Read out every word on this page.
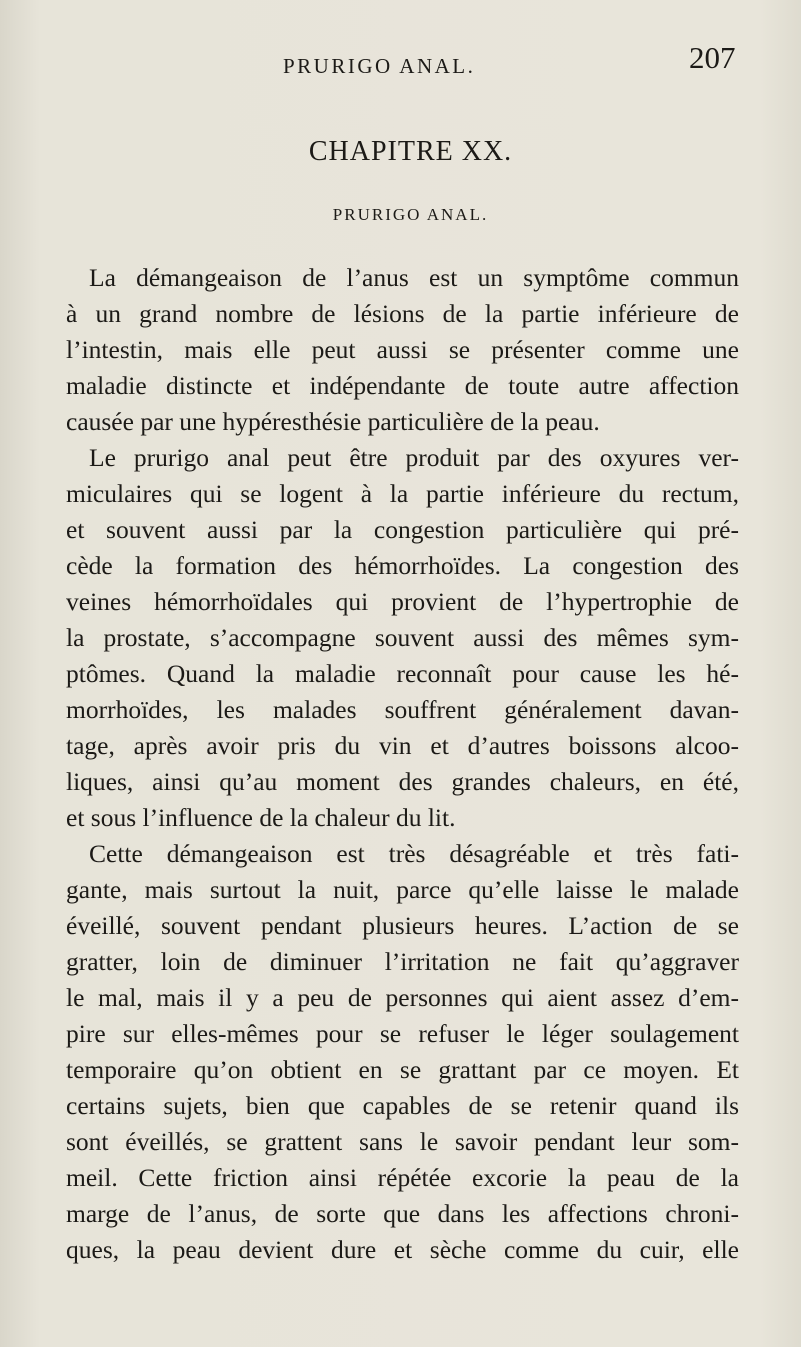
PRURIGO ANAL.	207
CHAPITRE XX.
PRURIGO ANAL.
La démangeaison de l’anus est un symptôme commun
à un grand nombre de lésions de la partie inférieure de
l’intestin, mais elle peut aussi se présenter comme une
maladie distincte et indépendante de toute autre affection
causée par une hypéresthésie particulière de la peau.
Le prurigo anal peut être produit par des oxyures ver-
miculaires qui se logent à la partie inférieure du rectum,
et souvent aussi par la congestion particulière qui pré-
cède la formation des hémorrhoïdes. La congestion des
veines hémorrhoïdales qui provient de l’hypertrophie de
la prostate, s’accompagne souvent aussi des mêmes sym-
ptômes. Quand la maladie reconnaît pour cause les hé-
morrhoïdes, les malades souffrent généralement davan-
tage, après avoir pris du vin et d’autres boissons alcoo-
liques, ainsi qu’au moment des grandes chaleurs, en été,
et sous l’influence de la chaleur du lit.
Cette démangeaison est très désagréable et très fati-
gante, mais surtout la nuit, parce qu’elle laisse le malade
éveillé, souvent pendant plusieurs heures. L’action de se
gratter, loin de diminuer l’irritation ne fait qu’aggraver
le mal, mais il y a peu de personnes qui aient assez d’em-
pire sur elles-mêmes pour se refuser le léger soulagement
temporaire qu’on obtient en se grattant par ce moyen. Et
certains sujets, bien que capables de se retenir quand ils
sont éveillés, se grattent sans le savoir pendant leur som-
meil. Cette friction ainsi répétée excorie la peau de la
marge de l’anus, de sorte que dans les affections chroni-
ques, la peau devient dure et sèche comme du cuir, elle
